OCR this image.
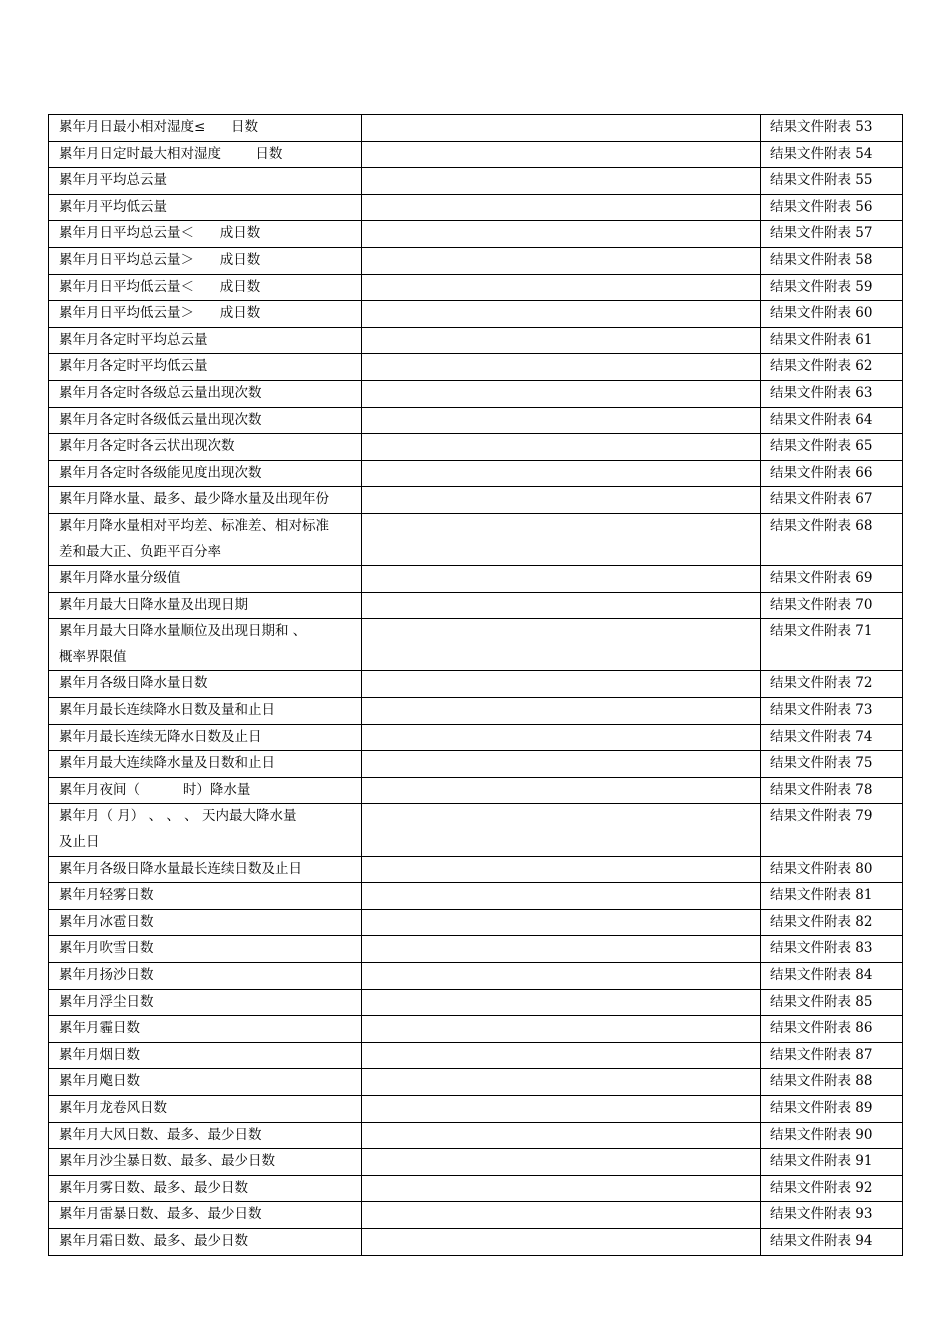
累年月日最小相对湿度≤      日数		结果文件附表 53
累年月日定时最大相对湿度        日数		结果文件附表 54
累年月平均总云量		结果文件附表 55
累年月平均低云量		结果文件附表 56
累年月日平均总云量＜      成日数		结果文件附表 57
累年月日平均总云量＞      成日数		结果文件附表 58
累年月日平均低云量＜      成日数		结果文件附表 59
累年月日平均低云量＞      成日数		结果文件附表 60
累年月各定时平均总云量		结果文件附表 61
累年月各定时平均低云量		结果文件附表 62
累年月各定时各级总云量出现次数		结果文件附表 63
累年月各定时各级低云量出现次数		结果文件附表 64
累年月各定时各云状出现次数		结果文件附表 65
累年月各定时各级能见度出现次数		结果文件附表 66
累年月降水量、最多、最少降水量及出现年份		结果文件附表 67
累年月降水量相对平均差、标准差、相对标准
差和最大正、负距平百分率		结果文件附表 68
累年月降水量分级值		结果文件附表 69
累年月最大日降水量及出现日期		结果文件附表 70
累年月最大日降水量顺位及出现日期和 、
概率界限值		结果文件附表 71
累年月各级日降水量日数		结果文件附表 72
累年月最长连续降水日数及量和止日		结果文件附表 73
累年月最长连续无降水日数及止日		结果文件附表 74
累年月最大连续降水量及日数和止日		结果文件附表 75
累年月夜间（          时）降水量		结果文件附表 78
累年月（ 月） 、 、 、 天内最大降水量
及止日		结果文件附表 79
累年月各级日降水量最长连续日数及止日		结果文件附表 80
累年月轻雾日数		结果文件附表 81
累年月冰雹日数		结果文件附表 82
累年月吹雪日数		结果文件附表 83
累年月扬沙日数		结果文件附表 84
累年月浮尘日数		结果文件附表 85
累年月霾日数		结果文件附表 86
累年月烟日数		结果文件附表 87
累年月飑日数		结果文件附表 88
累年月龙卷风日数		结果文件附表 89
累年月大风日数、最多、最少日数		结果文件附表 90
累年月沙尘暴日数、最多、最少日数		结果文件附表 91
累年月雾日数、最多、最少日数		结果文件附表 92
累年月雷暴日数、最多、最少日数		结果文件附表 93
累年月霜日数、最多、最少日数		结果文件附表 94
